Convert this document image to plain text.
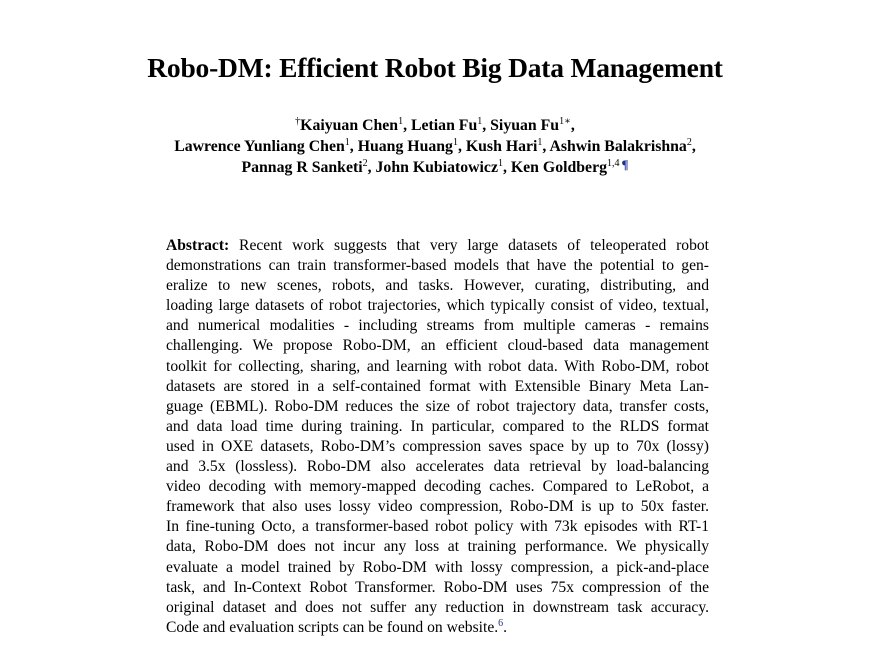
Robo-DM: Efficient Robot Big Data Management
†Kaiyuan Chen$^1$, Letian Fu$^1$, Siyuan $Fu^{1∗}$,
Lawrence Yunliang Chen$^1$, Huang Huang$^1$, Kush Hari$^1$, Ashwin Balakrishna$^2$,
Pannag R Sanketi$^2$, John Kubiatowicz$^1$, Ken Goldberg$^{1,4}$ ¶
Abstract: Recent work suggests that very large datasets of teleoperated robot
demonstrations can train transformer-based models that have the potential to gen-
eralize to new scenes, robots, and tasks. However, curating, distributing, and
loading large datasets of robot trajectories, which typically consist of video, textual,
and numerical modalities - including streams from multiple cameras - remains
challenging. We propose Robo-DM, an efficient cloud-based data management
toolkit for collecting, sharing, and learning with robot data. With Robo-DM, robot
datasets are stored in a self-contained format with Extensible Binary Meta Lan-
guage (EBML). Robo-DM reduces the size of robot trajectory data, transfer costs,
and data load time during training. In particular, compared to the RLDS format
used in OXE datasets, Robo-DM’s compression saves space by up to 70x (lossy)
and 3.5x (lossless). Robo-DM also accelerates data retrieval by load-balancing
video decoding with memory-mapped decoding caches. Compared to LeRobot, a
framework that also uses lossy video compression, Robo-DM is up to 50x faster.
In fine-tuning Octo, a transformer-based robot policy with 73k episodes with RT-1
data, Robo-DM does not incur any loss at training performance. We physically
evaluate a model trained by Robo-DM with lossy compression, a pick-and-place
task, and In-Context Robot Transformer. Robo-DM uses 75x compression of the
original dataset and does not suffer any reduction in downstream task accuracy.
Code and evaluation scripts can be found on website.$^6$.
